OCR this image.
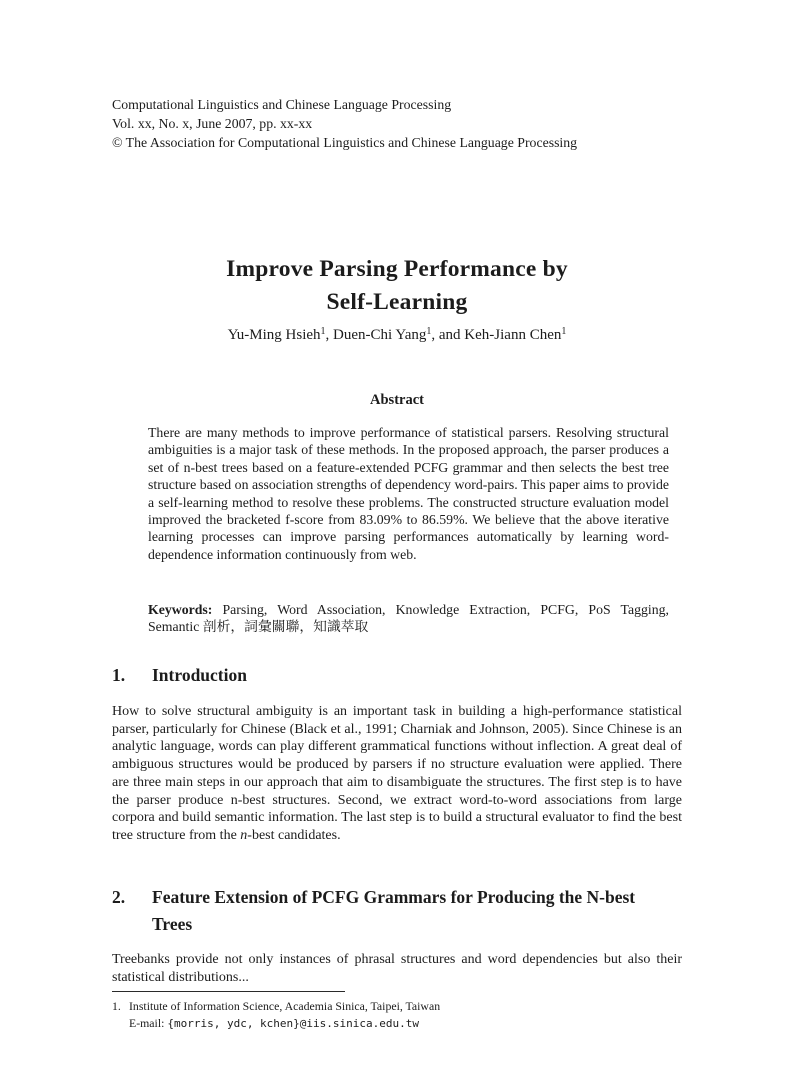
Computational Linguistics and Chinese Language Processing
Vol. xx, No. x, June 2007, pp. xx-xx
© The Association for Computational Linguistics and Chinese Language Processing
Improve Parsing Performance by
Self-Learning
Yu-Ming Hsieh$^1$, Duen-Chi Yang$^1$, and Keh-Jiann Chen$^1$
Abstract
There are many methods to improve performance of statistical parsers. Resolving structural ambiguities is a major task of these methods. In the proposed approach, the parser produces a set of n-best trees based on a feature-extended PCFG grammar and then selects the best tree structure based on association strengths of dependency word-pairs. This paper aims to provide a self-learning method to resolve these problems. The constructed structure evaluation model improved the bracketed f-score from 83.09% to 86.59%. We believe that the above iterative learning processes can improve parsing performances automatically by learning word-dependence information continuously from web.
Keywords: Parsing, Word Association, Knowledge Extraction, PCFG, PoS Tagging, Semantic 剖析，詞彙關聯，知識萃取
1.	Introduction
How to solve structural ambiguity is an important task in building a high-performance statistical parser, particularly for Chinese (Black et al., 1991; Charniak and Johnson, 2005). Since Chinese is an analytic language, words can play different grammatical functions without inflection. A great deal of ambiguous structures would be produced by parsers if no structure evaluation were applied. There are three main steps in our approach that aim to disambiguate the structures. The first step is to have the parser produce n-best structures. Second, we extract word-to-word associations from large corpora and build semantic information. The last step is to build a structural evaluator to find the best tree structure from the n-best candidates.
2.	Feature Extension of PCFG Grammars for Producing the N-best Trees
Treebanks provide not only instances of phrasal structures and word dependencies but also their statistical distributions...
1. Institute of Information Science, Academia Sinica, Taipei, Taiwan
E-mail: {morris, ydc, kchen}@iis.sinica.edu.tw
